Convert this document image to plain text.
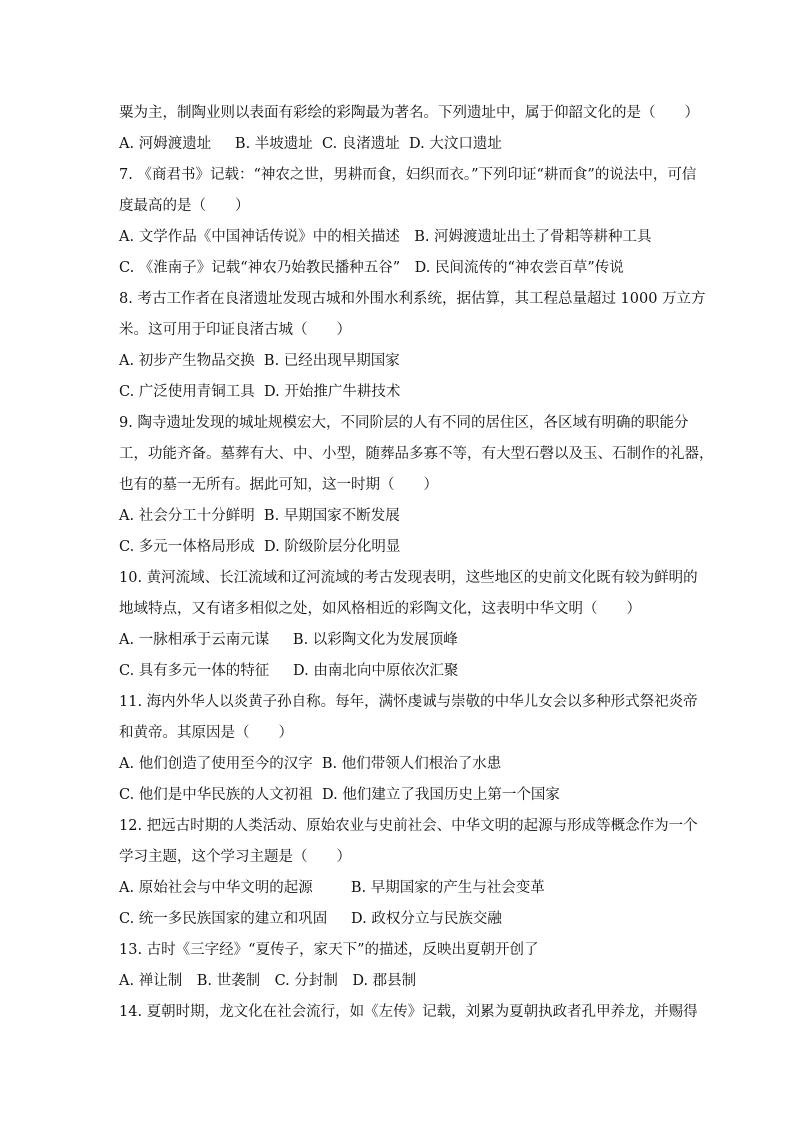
粟为主，制陶业则以表面有彩绘的彩陶最为著名。下列遗址中，属于仰韶文化的是（　　）
A. 河姆渡遗址　  B. 半坡遗址  C. 良渚遗址  D. 大汶口遗址
7. 《商君书》记载：“神农之世，男耕而食，妇织而衣。”下列印证“耕而食”的说法中，可信
度最高的是（　　）
A. 文学作品《中国神话传说》中的相关描述　B. 河姆渡遗址出土了骨耜等耕种工具
C. 《淮南子》记载“神农乃始教民播种五谷”　D. 民间流传的“神农尝百草”传说
8. 考古工作者在良渚遗址发现古城和外围水利系统，据估算，其工程总量超过 1000 万立方
米。这可用于印证良渚古城（　　）
A. 初步产生物品交换  B. 已经出现早期国家
C. 广泛使用青铜工具  D. 开始推广牛耕技术
9. 陶寺遗址发现的城址规模宏大，不同阶层的人有不同的居住区，各区域有明确的职能分
工，功能齐备。墓葬有大、中、小型，随葬品多寡不等，有大型石磬以及玉、石制作的礼器，
也有的墓一无所有。据此可知，这一时期（　　）
A. 社会分工十分鲜明  B. 早期国家不断发展
C. 多元一体格局形成  D. 阶级阶层分化明显
10. 黄河流域、长江流域和辽河流域的考古发现表明，这些地区的史前文化既有较为鲜明的
地域特点，又有诸多相似之处，如风格相近的彩陶文化，这表明中华文明（　　）
A. 一脉相承于云南元谋　  B. 以彩陶文化为发展顶峰
C. 具有多元一体的特征　  D. 由南北向中原依次汇聚
11. 海内外华人以炎黄子孙自称。每年，满怀虔诚与崇敬的中华儿女会以多种形式祭祀炎帝
和黄帝。其原因是（　　）
A. 他们创造了使用至今的汉字  B. 他们带领人们根治了水患
C. 他们是中华民族的人文初祖  D. 他们建立了我国历史上第一个国家
12. 把远古时期的人类活动、原始农业与史前社会、中华文明的起源与形成等概念作为一个
学习主题，这个学习主题是（　　）
A. 原始社会与中华文明的起源　　  B. 早期国家的产生与社会变革
C. 统一多民族国家的建立和巩固　  D. 政权分立与民族交融
13. 古时《三字经》“夏传子，家天下”的描述，反映出夏朝开创了
A. 禅让制　B. 世袭制　C. 分封制　D. 郡县制
14. 夏朝时期，龙文化在社会流行，如《左传》记载，刘累为夏朝执政者孔甲养龙，并赐得
